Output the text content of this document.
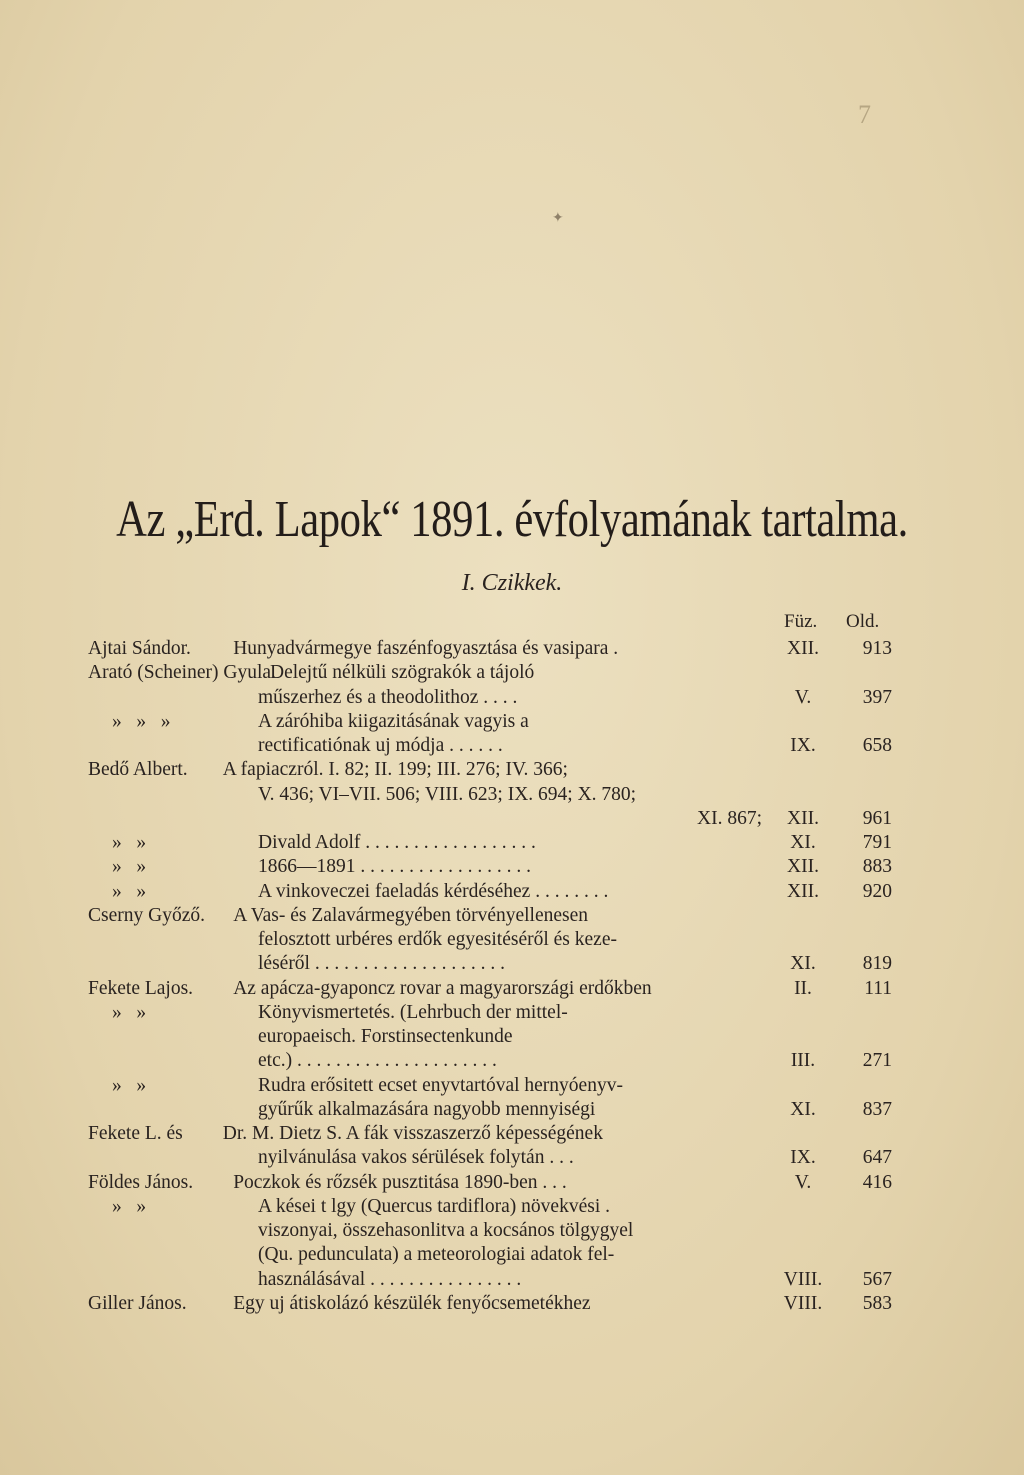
7
✦
Az „Erd. Lapok“ 1891. évfolyamának tartalma.
I. Czikkek.
Füz. Old.
Ajtai Sándor. Hunyadvármegye faszénfogyasztása és vasipara .	XII.	913
Arató (Scheiner) Gyula.
Delejtű nélküli szögrakók a tájoló
műszerhez és a theodolithoz . . . .	V.	397
»   »   »	A záróhiba kiigazitásának vagyis a
rectificatiónak uj módja . . . . . .	IX.	658
Bedő Albert. A fapiaczról. I. 82; II. 199; III. 276; IV. 366;
V. 436; VI–VII. 506; VIII. 623; IX. 694; X. 780;
XI. 867;	XII.	961
»   »	Divald Adolf . . . . . . . . . . . . . . . . . .	XI.	791
»   »	1866—1891 . . . . . . . . . . . . . . . . . .	XII.	883
»   »	A vinkoveczei faeladás kérdéséhez . . . . . . . .	XII.	920
Cserny Győző. A Vas- és Zalavármegyében törvényellenesen
felosztott urbéres erdők egyesitéséről és keze-
léséről . . . . . . . . . . . . . . . . . . . .	XI.	819
Fekete Lajos. Az apácza-gyaponcz rovar a magyarországi erdőkben	II.	111
»   »	Könyvismertetés. (Lehrbuch der mittel-
europaeisch. Forstinsectenkunde
etc.) . . . . . . . . . . . . . . . . . . . . .	III.	271
»   »	Rudra erősitett ecset enyvtartóval hernyóenyv-
gyűrűk alkalmazására nagyobb mennyiségi	XI.	837
Fekete L. és Dr. M. Dietz S. A fák visszaszerző képességének
nyilvánulása vakos sérülések folytán . . .	IX.	647
Földes János. Poczkok és rőzsék pusztitása 1890-ben . . .	V.	416
»   »	A kései t lgy (Quercus tardiflora) növekvési .
viszonyai, összehasonlitva a kocsános tölgygyel
(Qu. pedunculata) a meteorologiai adatok fel-
használásával . . . . . . . . . . . . . . . .	VIII.	567
Giller János. Egy uj átiskolázó készülék fenyőcsemetékhez	VIII.	583
